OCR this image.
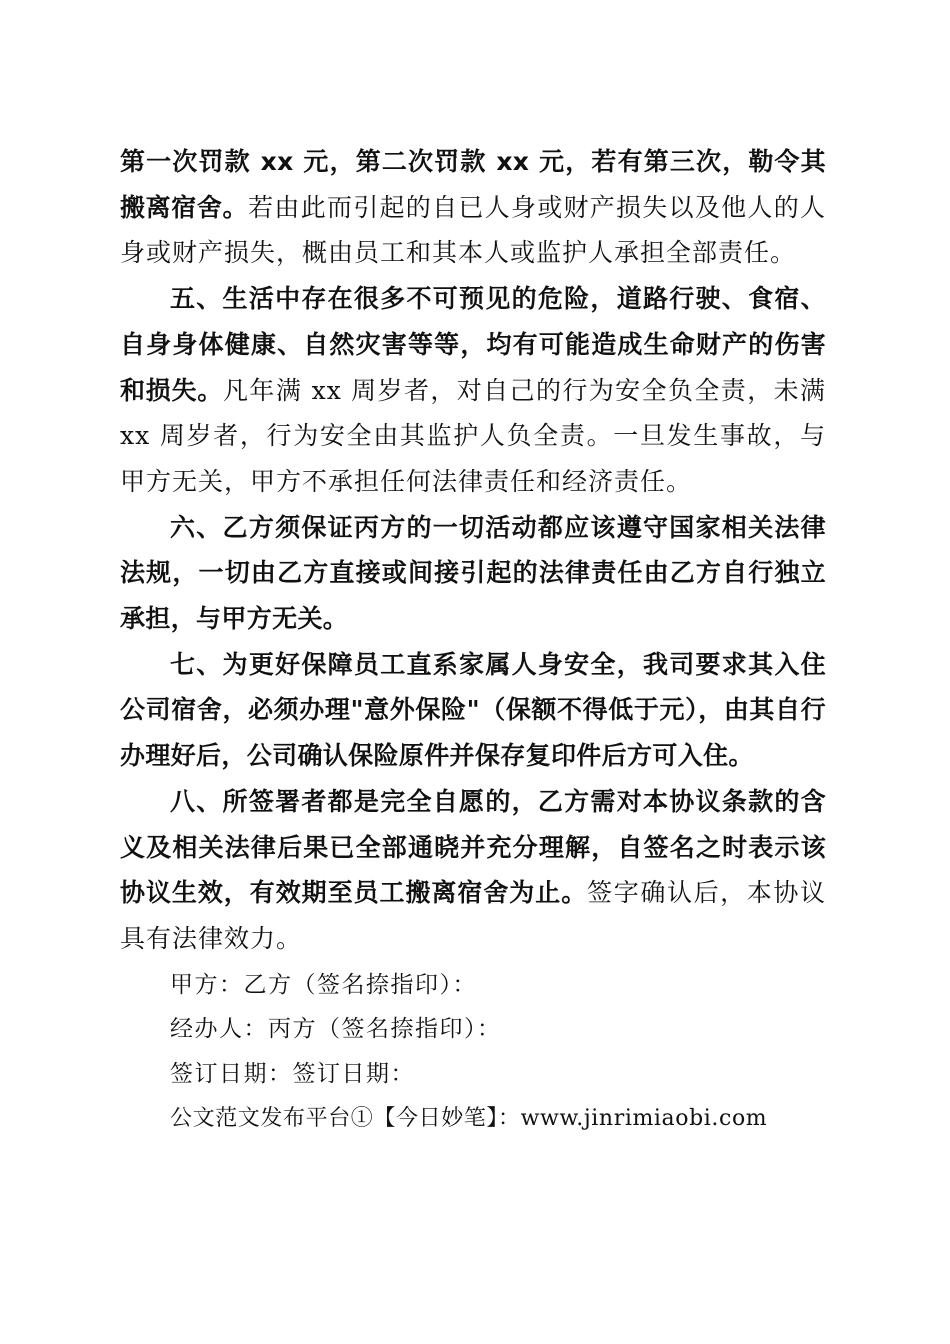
第一次罚款 xx 元，第二次罚款 xx 元，若有第三次，勒令其搬离宿舍。若由此而引起的自已人身或财产损失以及他人的人身或财产损失，概由员工和其本人或监护人承担全部责任。

五、生活中存在很多不可预见的危险，道路行驶、食宿、自身身体健康、自然灾害等等，均有可能造成生命财产的伤害和损失。凡年满 xx 周岁者，对自己的行为安全负全责，未满 xx 周岁者，行为安全由其监护人负全责。一旦发生事故，与甲方无关，甲方不承担任何法律责任和经济责任。

六、乙方须保证丙方的一切活动都应该遵守国家相关法律法规，一切由乙方直接或间接引起的法律责任由乙方自行独立承担，与甲方无关。

七、为更好保障员工直系家属人身安全，我司要求其入住公司宿舍，必须办理"意外保险"（保额不得低于元），由其自行办理好后，公司确认保险原件并保存复印件后方可入住。

八、所签署者都是完全自愿的，乙方需对本协议条款的含义及相关法律后果已全部通晓并充分理解，自签名之时表示该协议生效，有效期至员工搬离宿舍为止。签字确认后，本协议具有法律效力。

甲方：乙方（签名捺指印）：

经办人：丙方（签名捺指印）：

签订日期：签订日期：

公文范文发布平台①【今日妙笔】：www.jinrimiaobi.com
